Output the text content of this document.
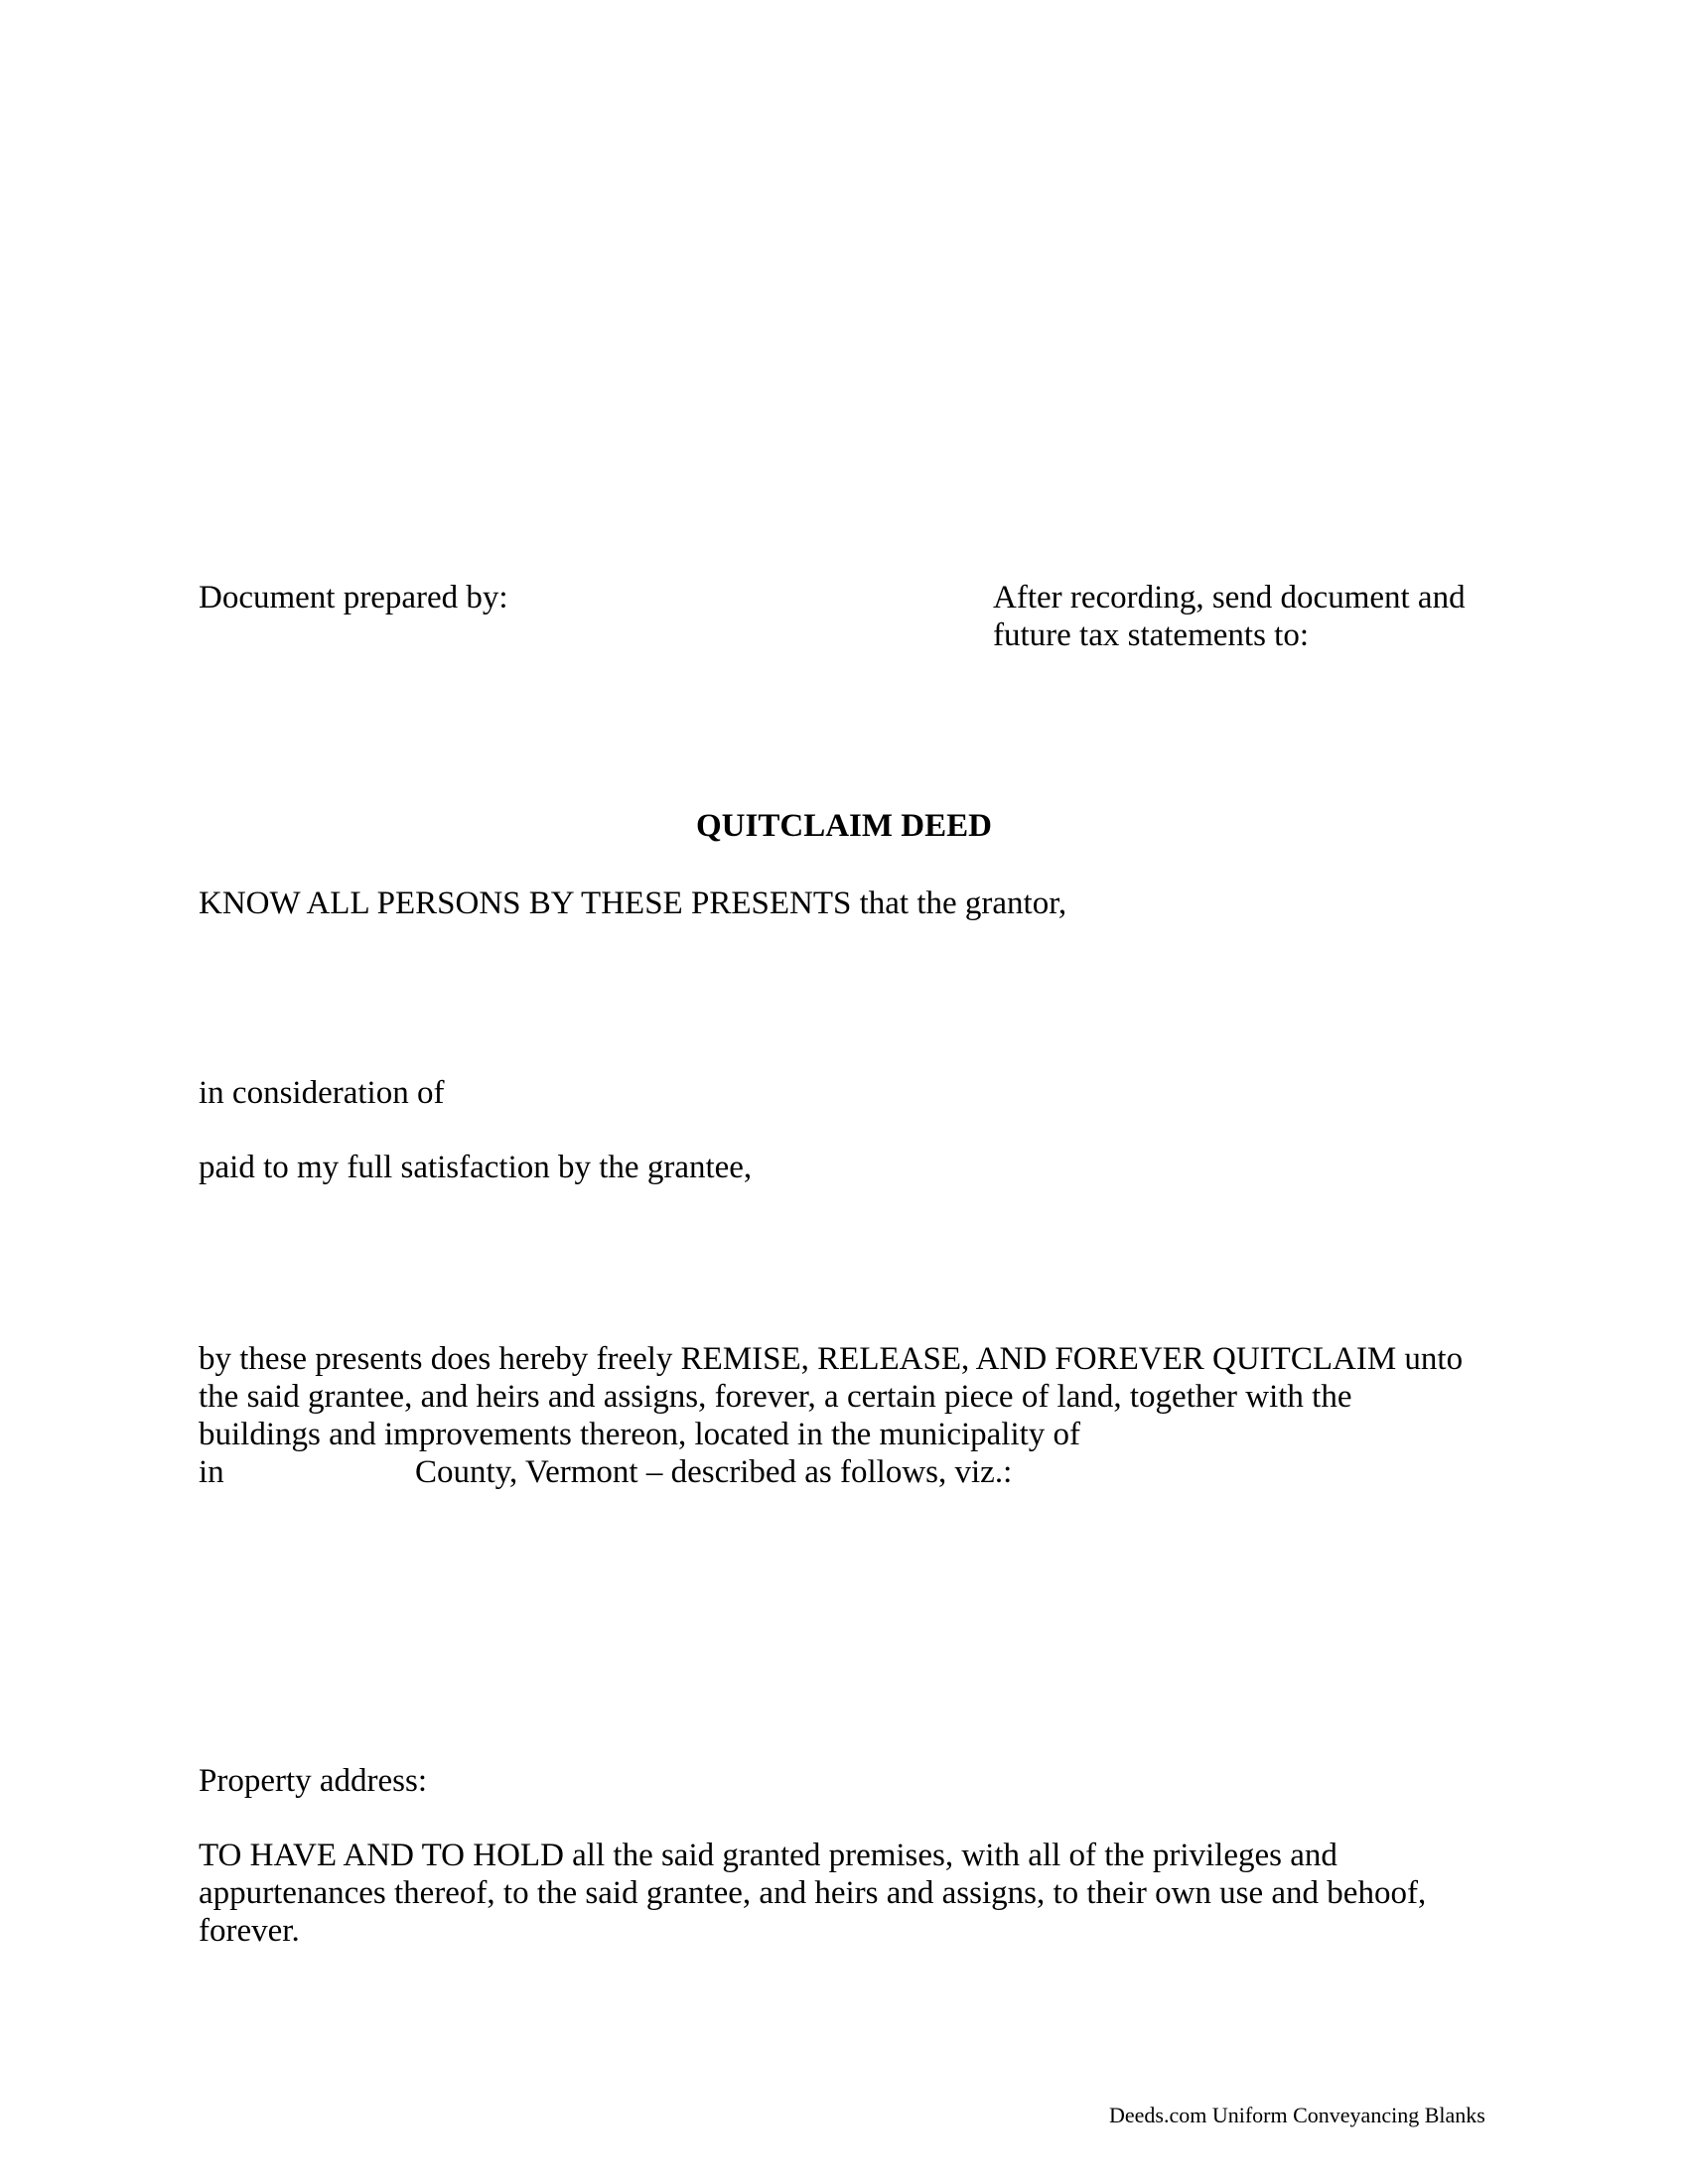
Document prepared by:	After recording, send document and
future tax statements to:
QUITCLAIM DEED
KNOW ALL PERSONS BY THESE PRESENTS that the grantor,
in consideration of
paid to my full satisfaction by the grantee,
by these presents does hereby freely REMISE, RELEASE, AND FOREVER QUITCLAIM unto
the said grantee, and heirs and assigns, forever, a certain piece of land, together with the
buildings and improvements thereon, located in the municipality of
in	County, Vermont – described as follows, viz.:
Property address:
TO HAVE AND TO HOLD all the said granted premises, with all of the privileges and
appurtenances thereof, to the said grantee, and heirs and assigns, to their own use and behoof,
forever.
Deeds.com Uniform Conveyancing Blanks
